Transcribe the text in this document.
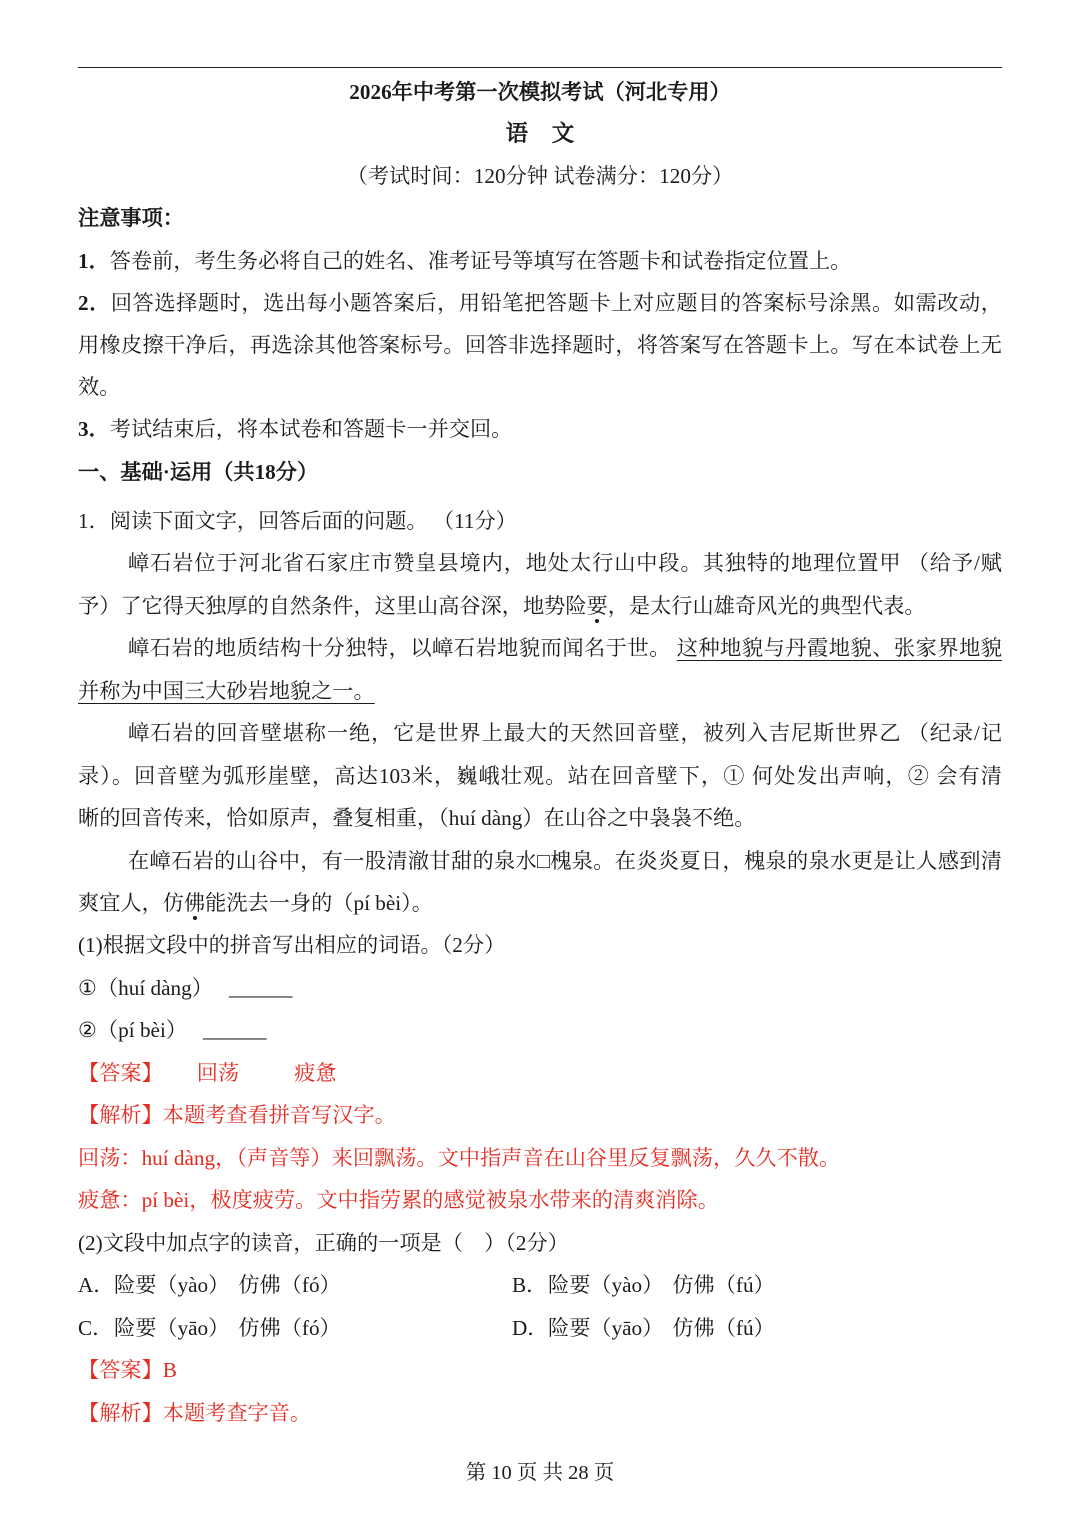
2026年中考第一次模拟考试（河北专用）
语 文
（考试时间：120分钟 试卷满分：120分）
注意事项：
1．答卷前，考生务必将自己的姓名、准考证号等填写在答题卡和试卷指定位置上。
2．回答选择题时，选出每小题答案后，用铅笔把答题卡上对应题目的答案标号涂黑。如需改动，
用橡皮擦干净后，再选涂其他答案标号。回答非选择题时，将答案写在答题卡上。写在本试卷上无
效。
3．考试结束后，将本试卷和答题卡一并交回。
一、基础·运用（共18分）
1．阅读下面文字，回答后面的问题。 （11分）
嶂石岩位于河北省石家庄市赞皇县境内，地处太行山中段。其独特的地理位置甲 （给予/赋
予）了它得天独厚的自然条件，这里山高谷深，地势险要，是太行山雄奇风光的典型代表。
嶂石岩的地质结构十分独特，以嶂石岩地貌而闻名于世。 这种地貌与丹霞地貌、张家界地貌
并称为中国三大砂岩地貌之一。
嶂石岩的回音壁堪称一绝，它是世界上最大的天然回音壁，被列入吉尼斯世界乙 （纪录/记
录）。回音壁为弧形崖壁，高达103米，巍峨壮观。站在回音壁下，① 何处发出声响，② 会有清
晰的回音传来，恰如原声，叠复相重，（huí dàng）在山谷之中袅袅不绝。
在嶂石岩的山谷中，有一股清澈甘甜的泉水□槐泉。在炎炎夏日，槐泉的泉水更是让人感到清
爽宜人，仿佛能洗去一身的（pí bèi）。
(1)根据文段中的拼音写出相应的词语。（2分）
①（huí dàng） ______
②（pí bèi） ______
【答案】 回荡	疲惫
【解析】本题考查看拼音写汉字。
回荡：huí dàng，（声音等）来回飘荡。文中指声音在山谷里反复飘荡，久久不散。
疲惫：pí bèi，极度疲劳。文中指劳累的感觉被泉水带来的清爽消除。
(2)文段中加点字的读音，正确的一项是（　）（2分）
A．险要（yào） 仿佛（fó）	B．险要（yào） 仿佛（fú）
C．险要（yāo） 仿佛（fó）	D．险要（yāo） 仿佛（fú）
【答案】B
【解析】本题考查字音。
第 10 页 共 28 页
